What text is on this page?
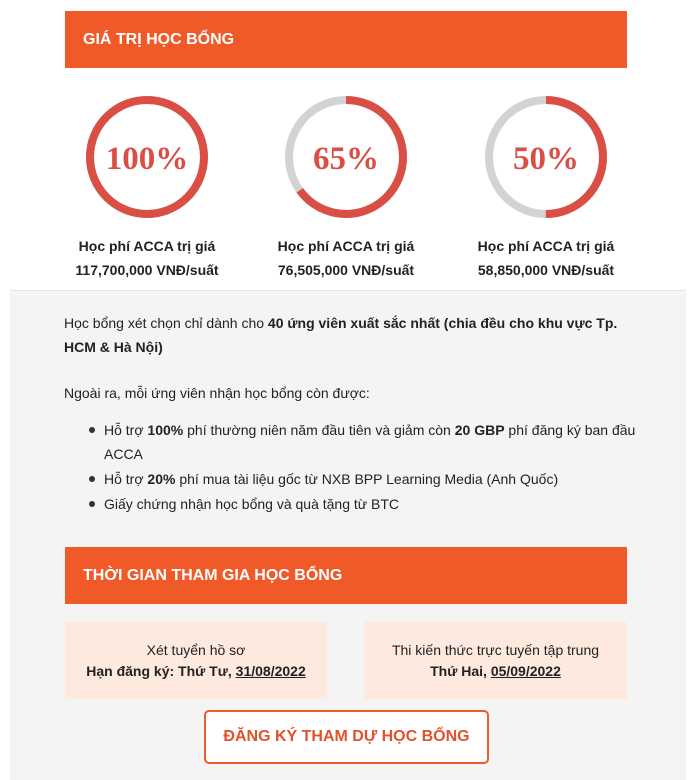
GIÁ TRỊ HỌC BỔNG
100%
Học phí ACCA trị giá
117,700,000 VNĐ/suất
65%
Học phí ACCA trị giá
76,505,000 VNĐ/suất
50%
Học phí ACCA trị giá
58,850,000 VNĐ/suất

Học bổng xét chọn chỉ dành cho 40 ứng viên xuất sắc nhất (chia đều cho khu vực Tp. HCM & Hà Nội)

Ngoài ra, mỗi ứng viên nhận học bổng còn được:

Hỗ trợ 100% phí thường niên năm đầu tiên và giảm còn 20 GBP phí đăng ký ban đầu ACCA
Hỗ trợ 20% phí mua tài liệu gốc từ NXB BPP Learning Media (Anh Quốc)
Giấy chứng nhận học bổng và quà tặng từ BTC
THỜI GIAN THAM GIA HỌC BỔNG
Xét tuyển hồ sơ
Hạn đăng ký: Thứ Tư, 31/08/2022
Thi kiến thức trực tuyến tập trung
Thứ Hai, 05/09/2022
ĐĂNG KÝ THAM DỰ HỌC BỔNG
